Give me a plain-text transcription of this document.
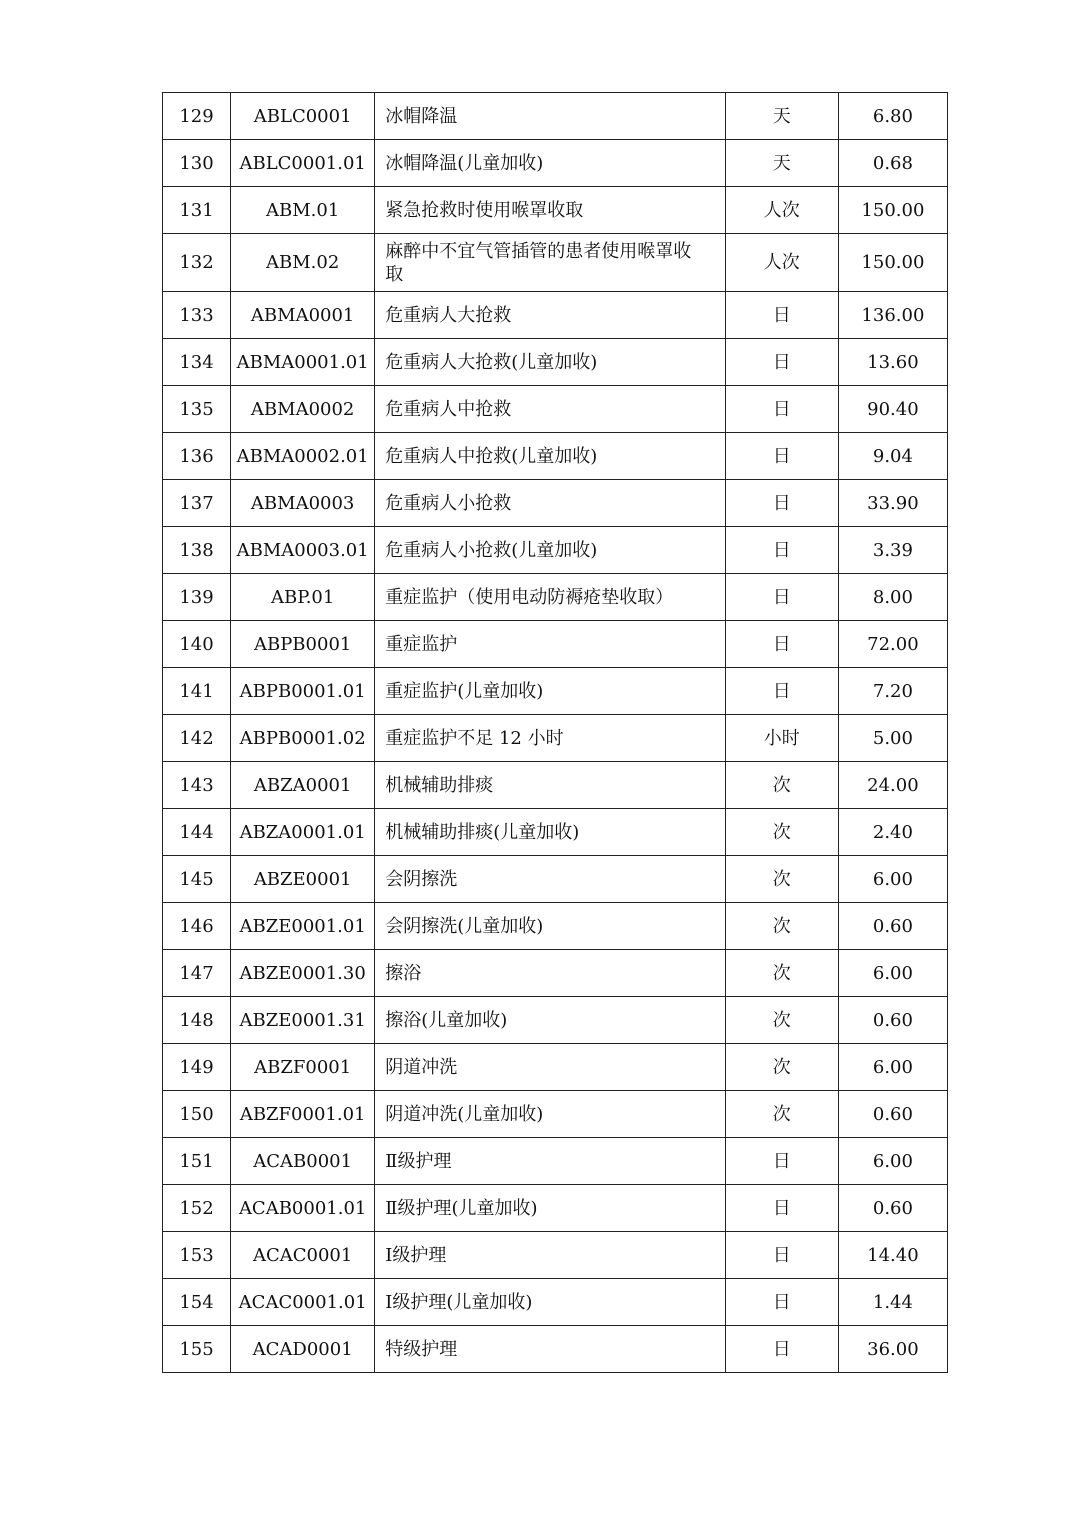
129	ABLC0001	冰帽降温	天	6.80
130	ABLC0001.01	冰帽降温(儿童加收)	天	0.68
131	ABM.01	紧急抢救时使用喉罩收取	人次	150.00
132	ABM.02	麻醉中不宜气管插管的患者使用喉罩收取	人次	150.00
133	ABMA0001	危重病人大抢救	日	136.00
134	ABMA0001.01	危重病人大抢救(儿童加收)	日	13.60
135	ABMA0002	危重病人中抢救	日	90.40
136	ABMA0002.01	危重病人中抢救(儿童加收)	日	9.04
137	ABMA0003	危重病人小抢救	日	33.90
138	ABMA0003.01	危重病人小抢救(儿童加收)	日	3.39
139	ABP.01	重症监护（使用电动防褥疮垫收取）	日	8.00
140	ABPB0001	重症监护	日	72.00
141	ABPB0001.01	重症监护(儿童加收)	日	7.20
142	ABPB0001.02	重症监护不足 12 小时	小时	5.00
143	ABZA0001	机械辅助排痰	次	24.00
144	ABZA0001.01	机械辅助排痰(儿童加收)	次	2.40
145	ABZE0001	会阴擦洗	次	6.00
146	ABZE0001.01	会阴擦洗(儿童加收)	次	0.60
147	ABZE0001.30	擦浴	次	6.00
148	ABZE0001.31	擦浴(儿童加收)	次	0.60
149	ABZF0001	阴道冲洗	次	6.00
150	ABZF0001.01	阴道冲洗(儿童加收)	次	0.60
151	ACAB0001	Ⅱ级护理	日	6.00
152	ACAB0001.01	Ⅱ级护理(儿童加收)	日	0.60
153	ACAC0001	Ⅰ级护理	日	14.40
154	ACAC0001.01	Ⅰ级护理(儿童加收)	日	1.44
155	ACAD0001	特级护理	日	36.00
